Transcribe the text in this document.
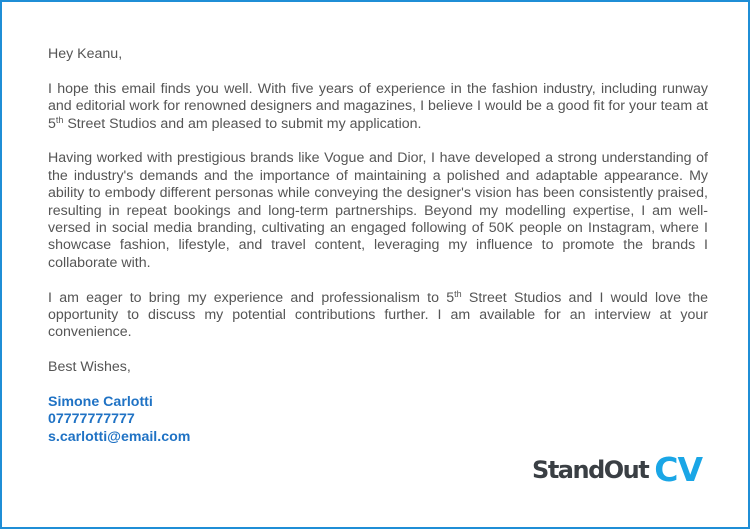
Hey Keanu,

I hope this email finds you well. With five years of experience in the fashion industry, including runway and editorial work for renowned designers and magazines, I believe I would be a good fit for your team at 5th Street Studios and am pleased to submit my application.

Having worked with prestigious brands like Vogue and Dior, I have developed a strong understanding of the industry's demands and the importance of maintaining a polished and adaptable appearance. My ability to embody different personas while conveying the designer's vision has been consistently praised, resulting in repeat bookings and long-term partnerships. Beyond my modelling expertise, I am well-versed in social media branding, cultivating an engaged following of 50K people on Instagram, where I showcase fashion, lifestyle, and travel content, leveraging my influence to promote the brands I collaborate with.

I am eager to bring my experience and professionalism to 5th Street Studios and I would love the opportunity to discuss my potential contributions further. I am available for an interview at your convenience.

Best Wishes,

Simone Carlotti
07777777777
s.carlotti@email.com
StandOut CV
